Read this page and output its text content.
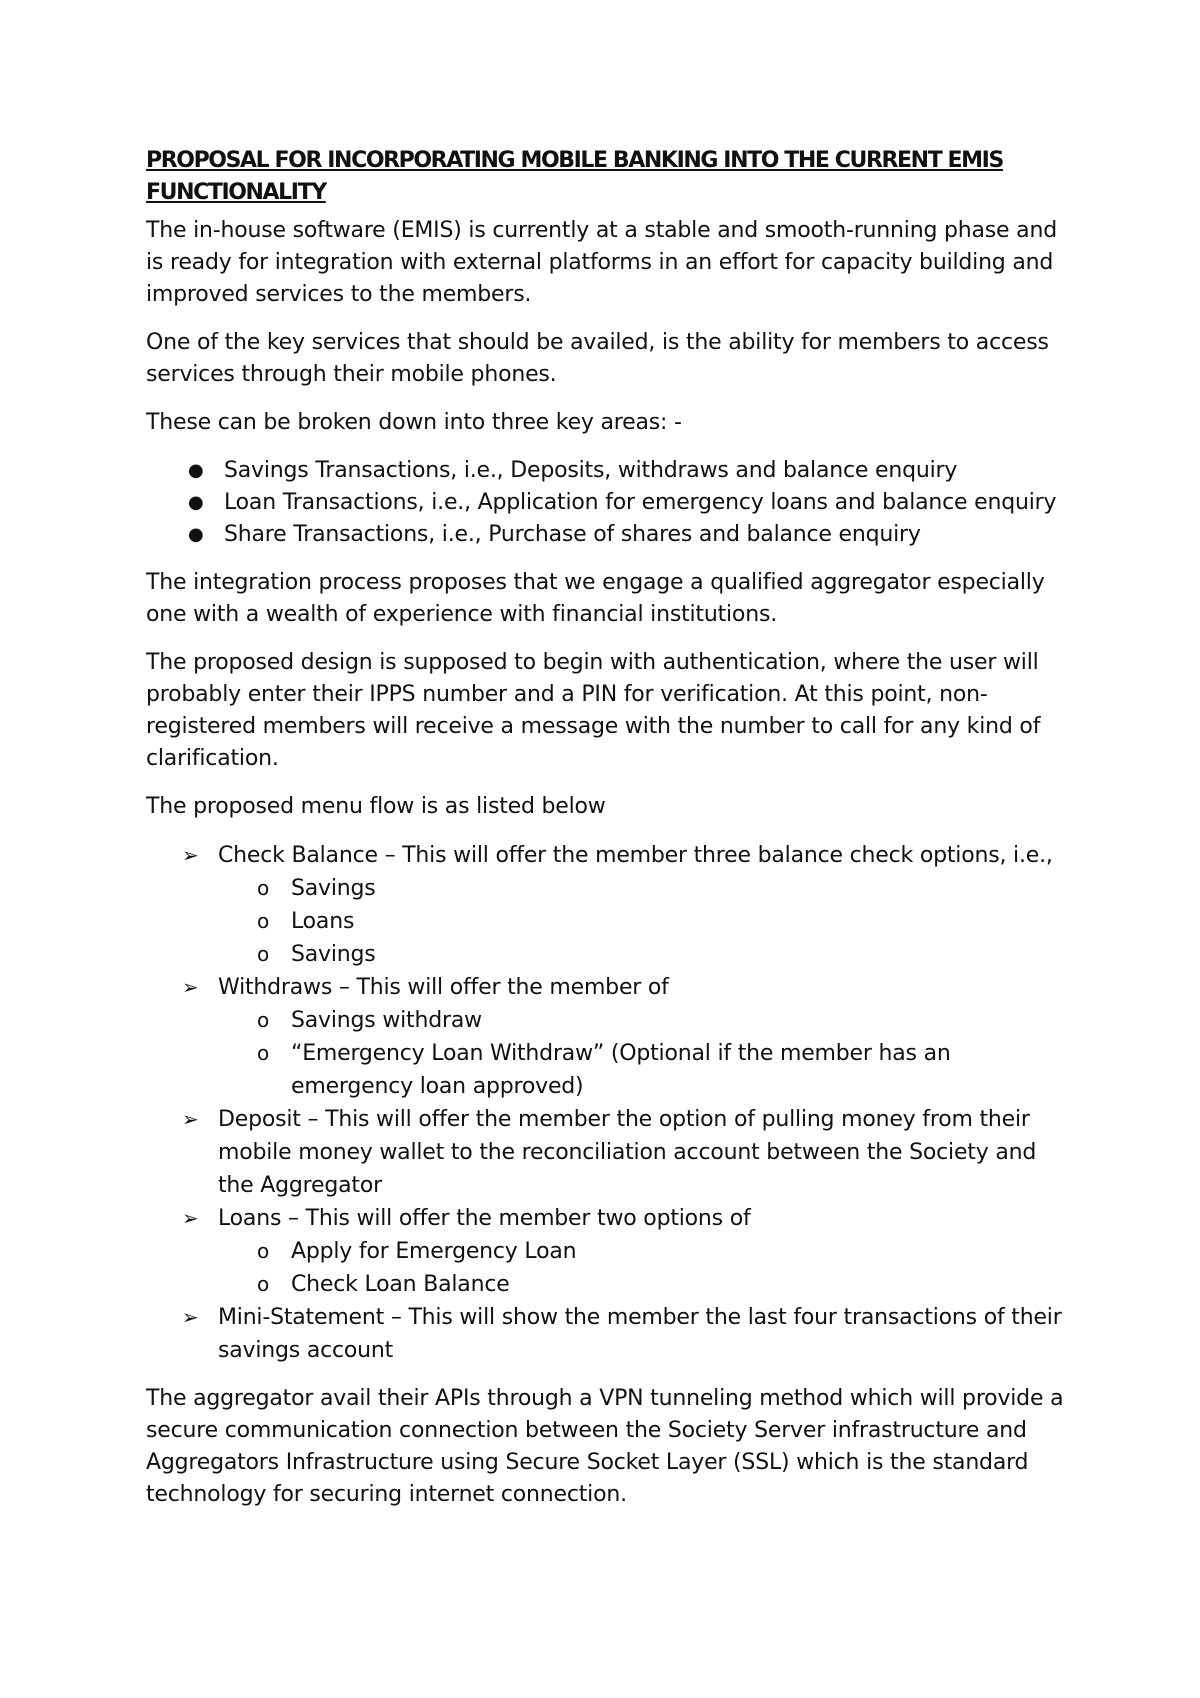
PROPOSAL FOR INCORPORATING MOBILE BANKING INTO THE CURRENT EMIS FUNCTIONALITY

The in-house software (EMIS) is currently at a stable and smooth-running phase and is ready for integration with external platforms in an effort for capacity building and improved services to the members.

One of the key services that should be availed, is the ability for members to access services through their mobile phones.

These can be broken down into three key areas: -

● Savings Transactions, i.e., Deposits, withdraws and balance enquiry
● Loan Transactions, i.e., Application for emergency loans and balance enquiry
● Share Transactions, i.e., Purchase of shares and balance enquiry

The integration process proposes that we engage a qualified aggregator especially one with a wealth of experience with financial institutions.

The proposed design is supposed to begin with authentication, where the user will probably enter their IPPS number and a PIN for verification. At this point, non-registered members will receive a message with the number to call for any kind of clarification.

The proposed menu flow is as listed below

➢ Check Balance – This will offer the member three balance check options, i.e.,
o Savings
o Loans
o Savings
➢ Withdraws – This will offer the member of
o Savings withdraw
o “Emergency Loan Withdraw” (Optional if the member has an emergency loan approved)
➢ Deposit – This will offer the member the option of pulling money from their mobile money wallet to the reconciliation account between the Society and the Aggregator
➢ Loans – This will offer the member two options of
o Apply for Emergency Loan
o Check Loan Balance
➢ Mini-Statement – This will show the member the last four transactions of their savings account

The aggregator avail their APIs through a VPN tunneling method which will provide a secure communication connection between the Society Server infrastructure and Aggregators Infrastructure using Secure Socket Layer (SSL) which is the standard technology for securing internet connection.
